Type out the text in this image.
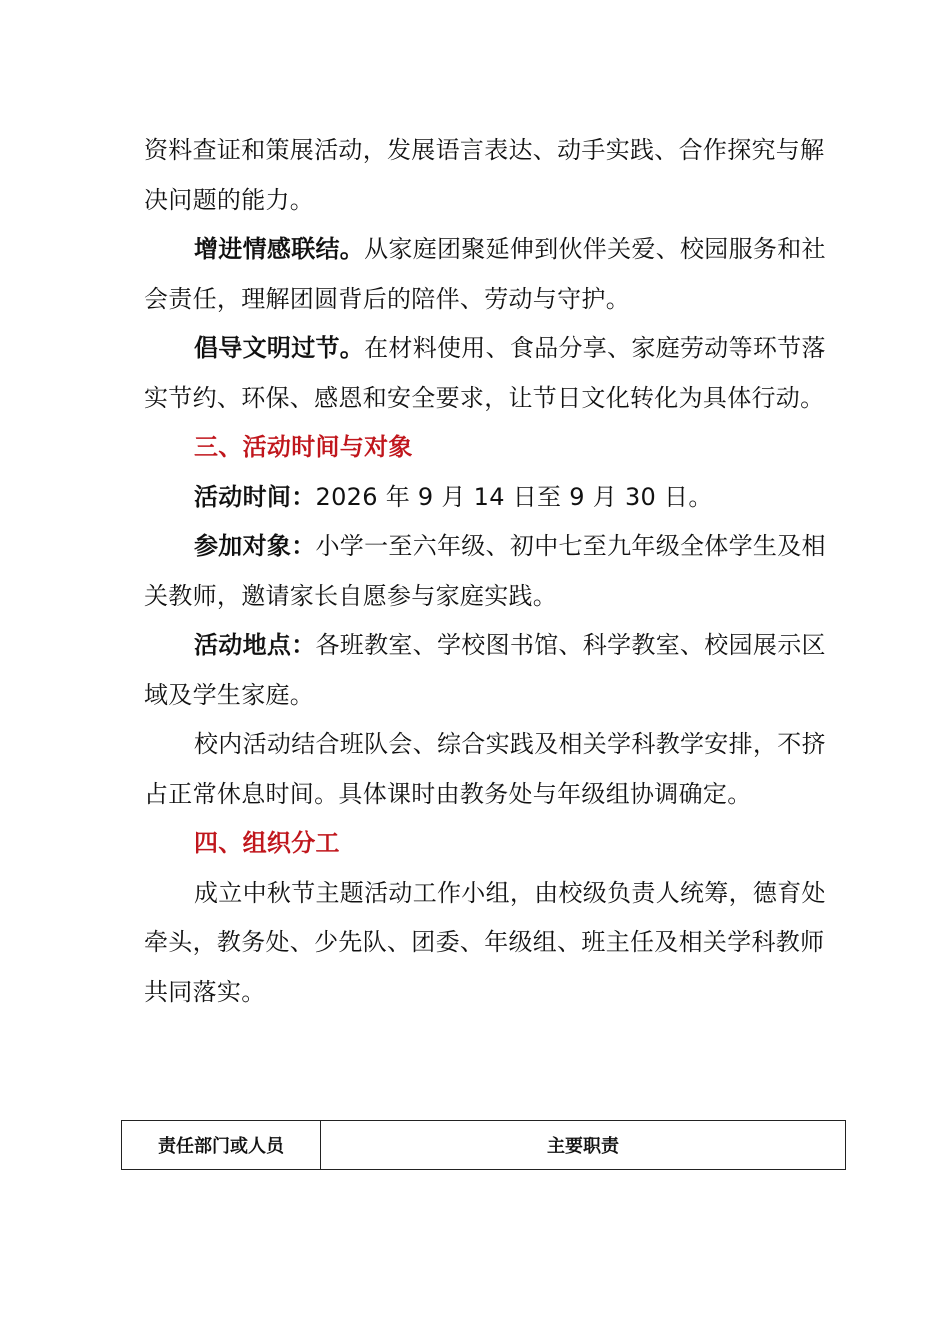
资料查证和策展活动，发展语言表达、动手实践、合作探究与解决问题的能力。

增进情感联结。从家庭团聚延伸到伙伴关爱、校园服务和社会责任，理解团圆背后的陪伴、劳动与守护。

倡导文明过节。在材料使用、食品分享、家庭劳动等环节落实节约、环保、感恩和安全要求，让节日文化转化为具体行动。

三、活动时间与对象

活动时间：2026 年 9 月 14 日至 9 月 30 日。

参加对象：小学一至六年级、初中七至九年级全体学生及相关教师，邀请家长自愿参与家庭实践。

活动地点：各班教室、学校图书馆、科学教室、校园展示区域及学生家庭。

校内活动结合班队会、综合实践及相关学科教学安排，不挤占正常休息时间。具体课时由教务处与年级组协调确定。

四、组织分工

成立中秋节主题活动工作小组，由校级负责人统筹，德育处牵头，教务处、少先队、团委、年级组、班主任及相关学科教师共同落实。

责任部门或人员	主要职责
